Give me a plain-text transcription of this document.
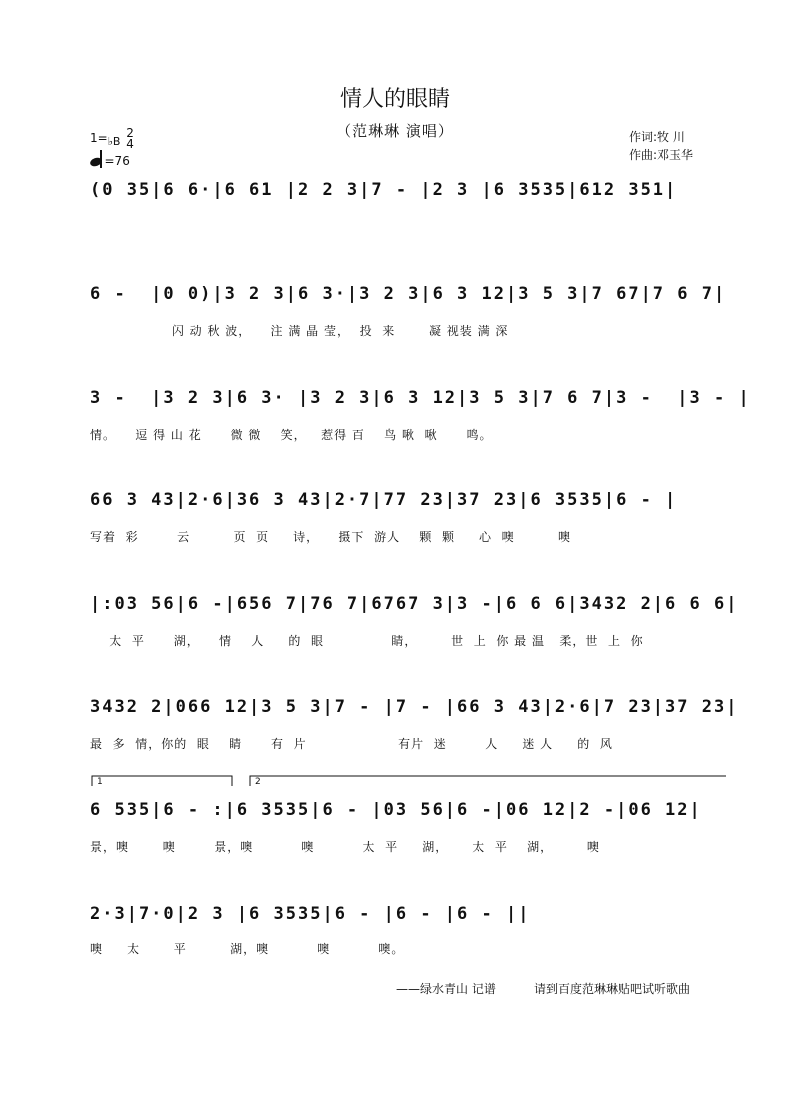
情人的眼睛
（范琳琳 演唱）	作词:牧 川
作曲:邓玉华
1=♭B 2
4
=76
(0 35|6 6·|6 61 |2 2 3|7 - |2 3 |6 3535|612 351|
6 -  |0 0)|3 2 3|6 3·|3 2 3|6 3 12|3 5 3|7 67|7 6 7|
闪 动 秋 波，    注 满 晶 莹，  投  来       凝 视装 满 深
3 -  |3 2 3|6 3· |3 2 3|6 3 12|3 5 3|7 6 7|3 -  |3 - |
情。    逗 得 山 花      微 微    笑，   惹得 百    鸟 啾  啾      鸣。
66 3 43|2·6|36 3 43|2·7|77 23|37 23|6 3535|6 - |
写着  彩        云         页  页     诗，    摄下  游人    颗  颗     心  噢         噢
|:03 56|6 -|656 7|76 7|6767 3|3 -|6 6 6|3432 2|6 6 6|
太  平      湖，    情    人     的  眼              睛，       世  上  你 最 温   柔，世  上  你
3432 2|066 12|3 5 3|7 - |7 - |66 3 43|2·6|7 23|37 23|
最  多  情，你的  眼    睛      有  片                   有片  迷        人     迷 人     的  风
1	2
6 535|6 - :|6 3535|6 - |03 56|6 -|06 12|2 -|06 12|
景，噢       噢        景，噢          噢          太  平     湖，     太  平    湖，       噢
2·3|7·0|2 3 |6 3535|6 - |6 - |6 - ||
噢     太       平         湖，噢          噢          噢。
——绿水青山 记谱	请到百度范琳琳贴吧试听歌曲
